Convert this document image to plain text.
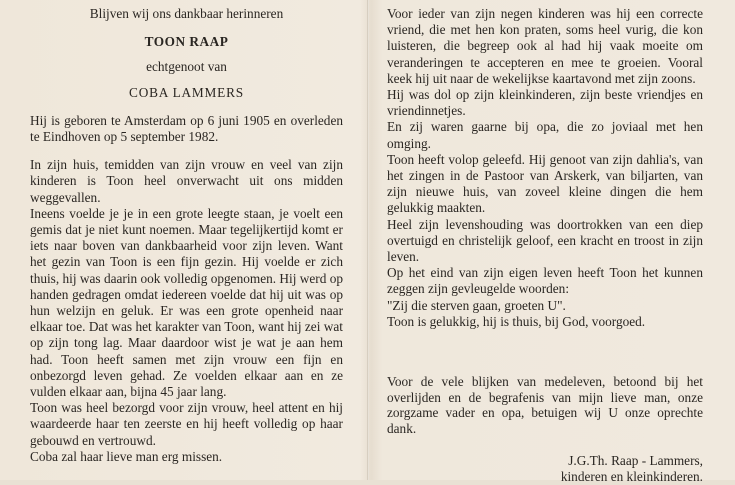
Blijven wij ons dankbaar herinneren

TOON RAAP

echtgenoot van

COBA LAMMERS

Hij is geboren te Amsterdam op 6 juni 1905 en overleden te Eindhoven op 5 september 1982.

In zijn huis, temidden van zijn vrouw en veel van zijn kinderen is Toon heel onverwacht uit ons midden weggevallen.

Ineens voelde je je in een grote leegte staan, je voelt een gemis dat je niet kunt noemen. Maar tegelijkertijd komt er iets naar boven van dankbaarheid voor zijn leven. Want het gezin van Toon is een fijn gezin. Hij voelde er zich thuis, hij was daarin ook volledig opgenomen. Hij werd op handen gedragen omdat iedereen voelde dat hij uit was op hun welzijn en geluk. Er was een grote openheid naar elkaar toe. Dat was het karakter van Toon, want hij zei wat op zijn tong lag. Maar daardoor wist je wat je aan hem had. Toon heeft samen met zijn vrouw een fijn en onbezorgd leven gehad. Ze voelden elkaar aan en ze vulden elkaar aan, bijna 45 jaar lang.

Toon was heel bezorgd voor zijn vrouw, heel attent en hij waardeerde haar ten zeerste en hij heeft volledig op haar gebouwd en vertrouwd.

Coba zal haar lieve man erg missen.

Voor ieder van zijn negen kinderen was hij een correcte vriend, die met hen kon praten, soms heel vurig, die kon luisteren, die begreep ook al had hij vaak moeite om veranderingen te accepteren en mee te groeien. Vooral keek hij uit naar de wekelijkse kaartavond met zijn zoons.

Hij was dol op zijn kleinkinderen, zijn beste vriendjes en vriendinnetjes.

En zij waren gaarne bij opa, die zo joviaal met hen omging.

Toon heeft volop geleefd. Hij genoot van zijn dahlia's, van het zingen in de Pastoor van Arskerk, van biljarten, van zijn nieuwe huis, van zoveel kleine dingen die hem gelukkig maakten.

Heel zijn levenshouding was doortrokken van een diep overtuigd en christelijk geloof, een kracht en troost in zijn leven.

Op het eind van zijn eigen leven heeft Toon het kunnen zeggen zijn gevleugelde woorden:

"Zij die sterven gaan, groeten U".

Toon is gelukkig, hij is thuis, bij God, voorgoed.

Voor de vele blijken van medeleven, betoond bij het overlijden en de begrafenis van mijn lieve man, onze zorgzame vader en opa, betuigen wij U onze oprechte dank.

J.G.Th. Raap - Lammers,

kinderen en kleinkinderen.
